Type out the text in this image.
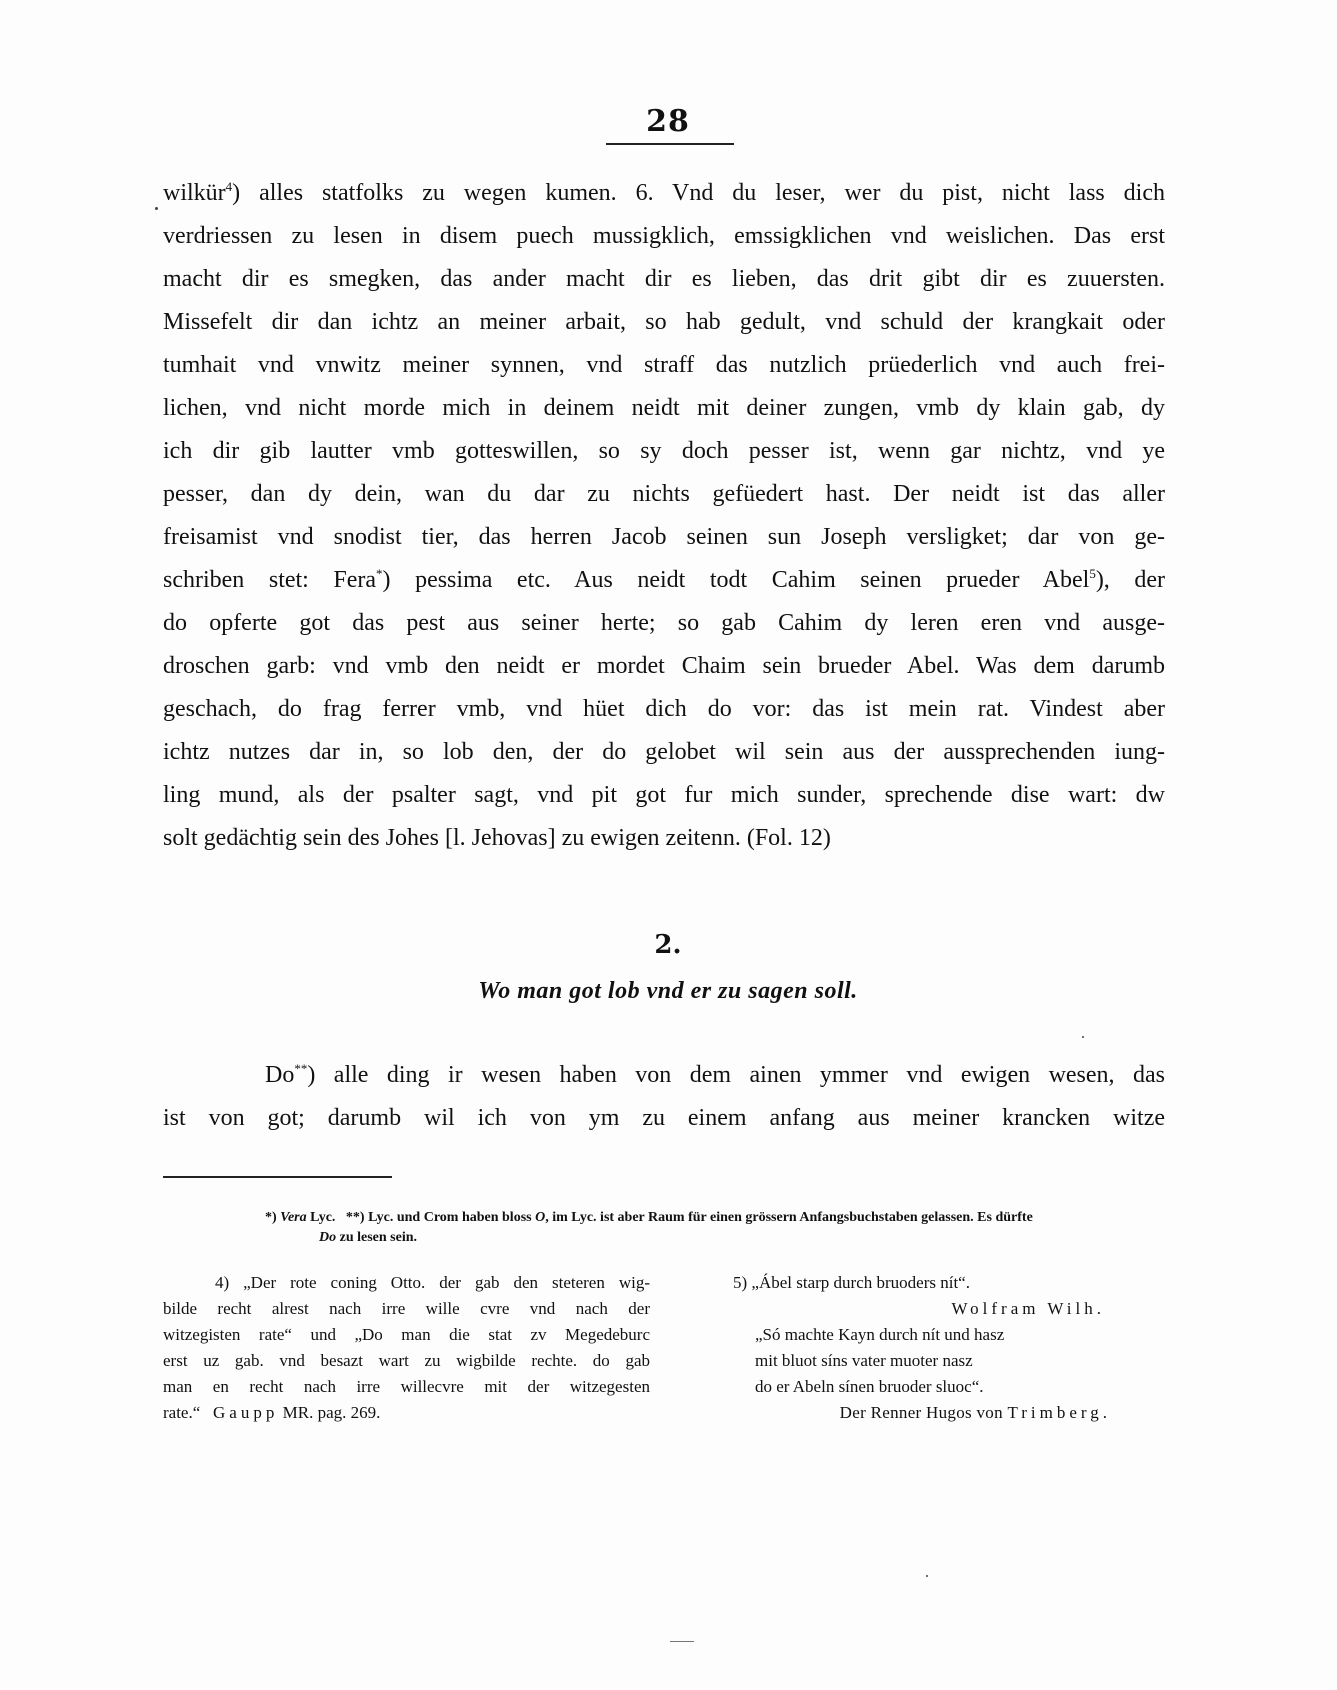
28
wilkür$^4$) alles statfolks zu wegen kumen. 6. Vnd du leser, wer du pist, nicht lass dich
verdriessen zu lesen in disem puech mussigklich, emssigklichen vnd weislichen. Das erst
macht dir es smegken, das ander macht dir es lieben, das drit gibt dir es zuuersten.
Missefelt dir dan ichtz an meiner arbait, so hab gedult, vnd schuld der krangkait oder
tumhait vnd vnwitz meiner synnen, vnd straff das nutzlich prüederlich vnd auch frei-
lichen, vnd nicht morde mich in deinem neidt mit deiner zungen, vmb dy klain gab, dy
ich dir gib lautter vmb gotteswillen, so sy doch pesser ist, wenn gar nichtz, vnd ye
pesser, dan dy dein, wan du dar zu nichts gefüedert hast. Der neidt ist das aller
freisamist vnd snodist tier, das herren Jacob seinen sun Joseph versligket; dar von ge-
schriben stet: Fera*) pessima etc. Aus neidt todt Cahim seinen prueder Abel$^5$), der
do opferte got das pest aus seiner herte; so gab Cahim dy leren eren vnd ausge-
droschen garb: vnd vmb den neidt er mordet Chaim sein brueder Abel. Was dem darumb
geschach, do frag ferrer vmb, vnd hüet dich do vor: das ist mein rat. Vindest aber
ichtz nutzes dar in, so lob den, der do gelobet wil sein aus der aussprechenden iung-
ling mund, als der psalter sagt, vnd pit got fur mich sunder, sprechende dise wart: dw
solt gedächtig sein des Johes [l. Jehovas] zu ewigen zeitenn. (Fol. 12)
2.
Wo man got lob vnd er zu sagen soll.
Do**) alle ding ir wesen haben von dem ainen ymmer vnd ewigen wesen, das
ist von got; darumb wil ich von ym zu einem anfang aus meiner krancken witze
*) Vera Lyc. **) Lyc. und Crom haben bloss O, im Lyc. ist aber Raum für einen grössern Anfangsbuchstaben gelassen. Es dürfte
Do zu lesen sein.
4) „Der rote coning Otto. der gab den steteren wig-
bilde recht alrest nach irre wille cvre vnd nach der
witzegisten rate“ und „Do man die stat zv Megedeburc
erst uz gab. vnd besazt wart zu wigbilde rechte. do gab
man en recht nach irre willecvre mit der witzegesten
rate.“ Gaupp MR. pag. 269.
5) „Ábel starp durch bruoders nít“.
Wolfram Wilh.
„Só machte Kayn durch nít und hasz
mit bluot síns vater muoter nasz
do er Abeln sínen bruoder sluoc“.
Der Renner Hugos von Trimberg.
